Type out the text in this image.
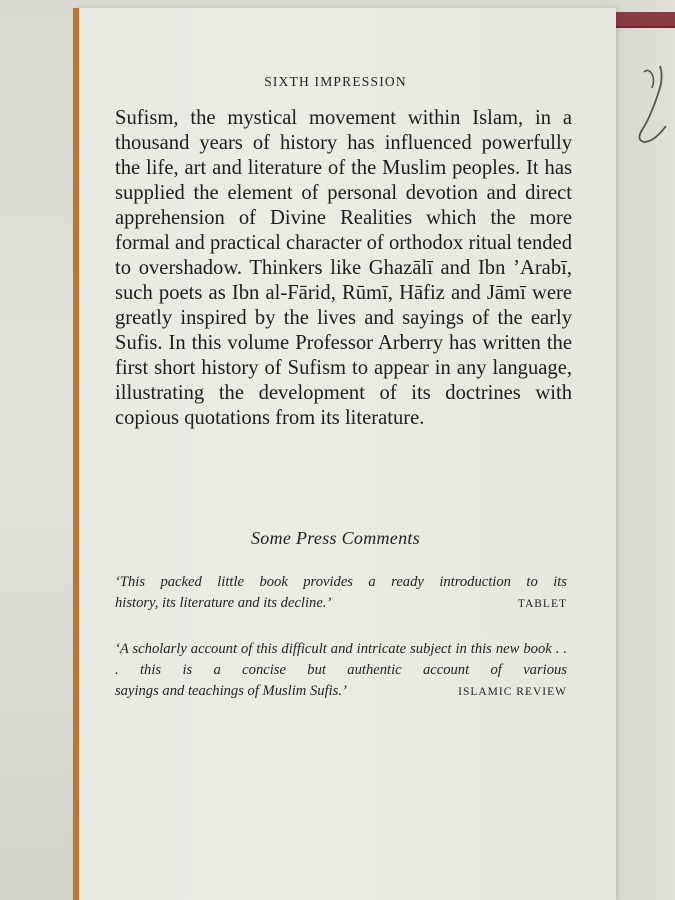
SIXTH IMPRESSION

Sufism, the mystical movement within Islam, in a thousand years of history has influenced powerfully the life, art and literature of the Muslim peoples. It has supplied the element of personal devotion and direct apprehension of Divine Realities which the more formal and practical character of orthodox ritual tended to overshadow. Thinkers like Ghazālī and Ibn ’Arabī, such poets as Ibn al-Fārid, Rūmī, Hāfiz and Jāmī were greatly inspired by the lives and sayings of the early Sufis. In this volume Professor Arberry has written the first short history of Sufism to appear in any language, illustrating the development of its doctrines with copious quotations from its literature.

Some Press Comments
‘This packed little book provides a ready introduction to its
history, its literature and its decline.’	TABLET
‘A scholarly account of this difficult and intricate subject in this new book . . . this is a concise but authentic account of various
sayings and teachings of Muslim Sufis.’	ISLAMIC REVIEW
